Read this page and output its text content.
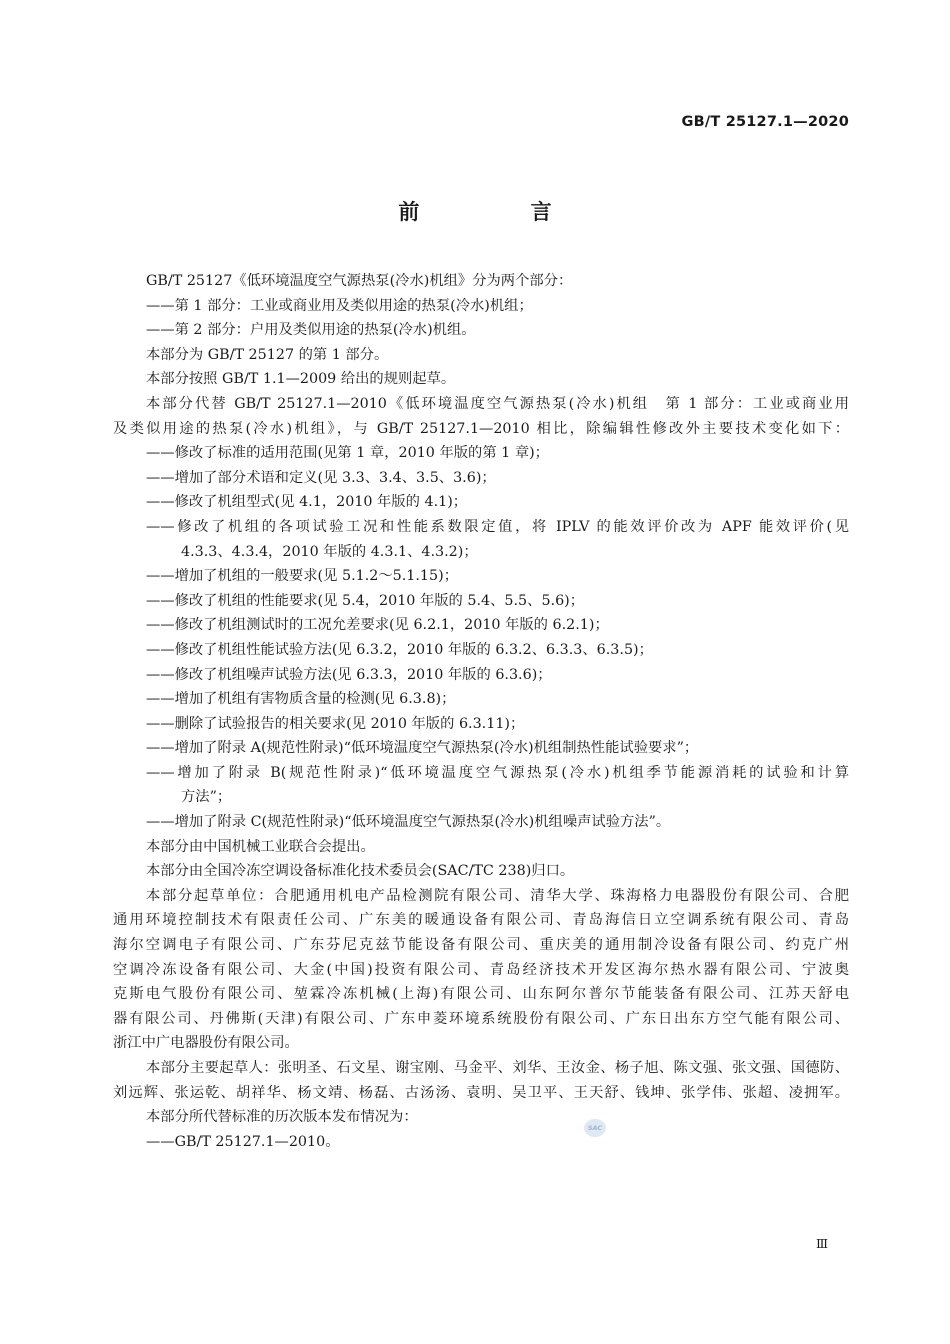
GB/T 25127.1—2020
前 言
GB/T 25127《低环境温度空气源热泵(冷水)机组》分为两个部分：
——第 1 部分：工业或商业用及类似用途的热泵(冷水)机组；
——第 2 部分：户用及类似用途的热泵(冷水)机组。
本部分为 GB/T 25127 的第 1 部分。
本部分按照 GB/T 1.1—2009 给出的规则起草。
本部分代替 GB/T 25127.1—2010《低环境温度空气源热泵(冷水)机组　第 1 部分：工业或商业用
及类似用途的热泵(冷水)机组》，与 GB/T 25127.1—2010 相比，除编辑性修改外主要技术变化如下：
——修改了标准的适用范围(见第 1 章，2010 年版的第 1 章)；
——增加了部分术语和定义(见 3.3、3.4、3.5、3.6)；
——修改了机组型式(见 4.1，2010 年版的 4.1)；
——修改了机组的各项试验工况和性能系数限定值，将 IPLV 的能效评价改为 APF 能效评价(见
4.3.3、4.3.4，2010 年版的 4.3.1、4.3.2)；
——增加了机组的一般要求(见 5.1.2～5.1.15)；
——修改了机组的性能要求(见 5.4，2010 年版的 5.4、5.5、5.6)；
——修改了机组测试时的工况允差要求(见 6.2.1，2010 年版的 6.2.1)；
——修改了机组性能试验方法(见 6.3.2，2010 年版的 6.3.2、6.3.3、6.3.5)；
——修改了机组噪声试验方法(见 6.3.3，2010 年版的 6.3.6)；
——增加了机组有害物质含量的检测(见 6.3.8)；
——删除了试验报告的相关要求(见 2010 年版的 6.3.11)；
——增加了附录 A(规范性附录)“低环境温度空气源热泵(冷水)机组制热性能试验要求”；
——增加了附录 B(规范性附录)“低环境温度空气源热泵(冷水)机组季节能源消耗的试验和计算
方法”；
——增加了附录 C(规范性附录)“低环境温度空气源热泵(冷水)机组噪声试验方法”。
本部分由中国机械工业联合会提出。
本部分由全国冷冻空调设备标准化技术委员会(SAC/TC 238)归口。
本部分起草单位：合肥通用机电产品检测院有限公司、清华大学、珠海格力电器股份有限公司、合肥
通用环境控制技术有限责任公司、广东美的暖通设备有限公司、青岛海信日立空调系统有限公司、青岛
海尔空调电子有限公司、广东芬尼克兹节能设备有限公司、重庆美的通用制冷设备有限公司、约克广州
空调冷冻设备有限公司、大金(中国)投资有限公司、青岛经济技术开发区海尔热水器有限公司、宁波奥
克斯电气股份有限公司、堃霖冷冻机械(上海)有限公司、山东阿尔普尔节能装备有限公司、江苏天舒电
器有限公司、丹佛斯(天津)有限公司、广东申菱环境系统股份有限公司、广东日出东方空气能有限公司、
浙江中广电器股份有限公司。
本部分主要起草人：张明圣、石文星、谢宝刚、马金平、刘华、王汝金、杨子旭、陈文强、张文强、国德防、
刘远辉、张运乾、胡祥华、杨文靖、杨磊、古汤汤、袁明、吴卫平、王天舒、钱坤、张学伟、张超、凌拥军。
本部分所代替标准的历次版本发布情况为：
——GB/T 25127.1—2010。
SAC
Ⅲ
